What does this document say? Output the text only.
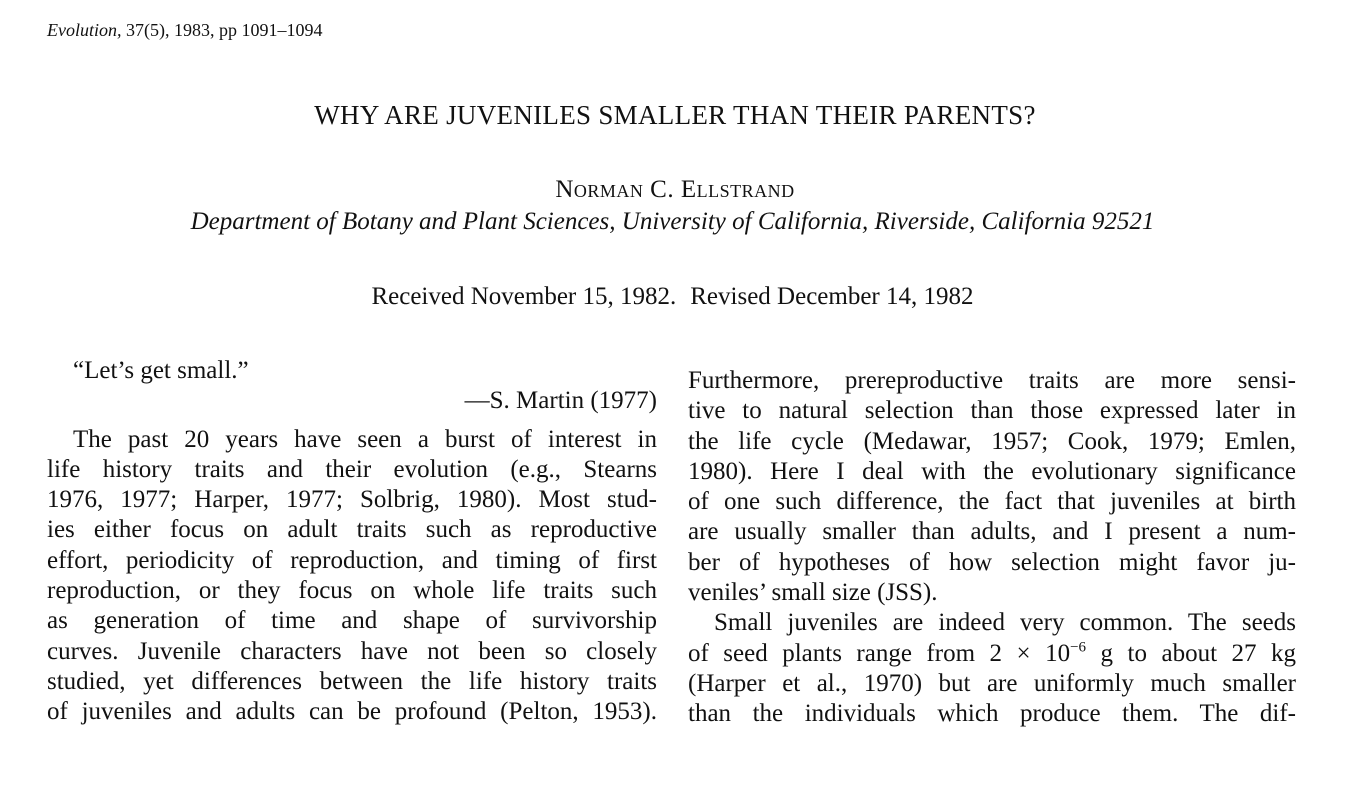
Evolution, 37(5), 1983, pp 1091–1094
WHY ARE JUVENILES SMALLER THAN THEIR PARENTS?
Norman C. Ellstrand
Department of Botany and Plant Sciences, University of California, Riverside, California 92521
Received November 15, 1982. Revised December 14, 1982
“Let’s get small.”
—S. Martin (1977)
The past 20 years have seen a burst of interest in
life history traits and their evolution (e.g., Stearns
1976, 1977; Harper, 1977; Solbrig, 1980). Most stud-
ies either focus on adult traits such as reproductive
effort, periodicity of reproduction, and timing of first
reproduction, or they focus on whole life traits such
as generation of time and shape of survivorship
curves. Juvenile characters have not been so closely
studied, yet differences between the life history traits
of juveniles and adults can be profound (Pelton, 1953).
Furthermore, prereproductive traits are more sensi-
tive to natural selection than those expressed later in
the life cycle (Medawar, 1957; Cook, 1979; Emlen,
1980). Here I deal with the evolutionary significance
of one such difference, the fact that juveniles at birth
are usually smaller than adults, and I present a num-
ber of hypotheses of how selection might favor ju-
veniles’ small size (JSS).
Small juveniles are indeed very common. The seeds
of seed plants range from $2 \times 10^{-6}$ g to about 27 kg
(Harper et al., 1970) but are uniformly much smaller
than the individuals which produce them. The dif-
